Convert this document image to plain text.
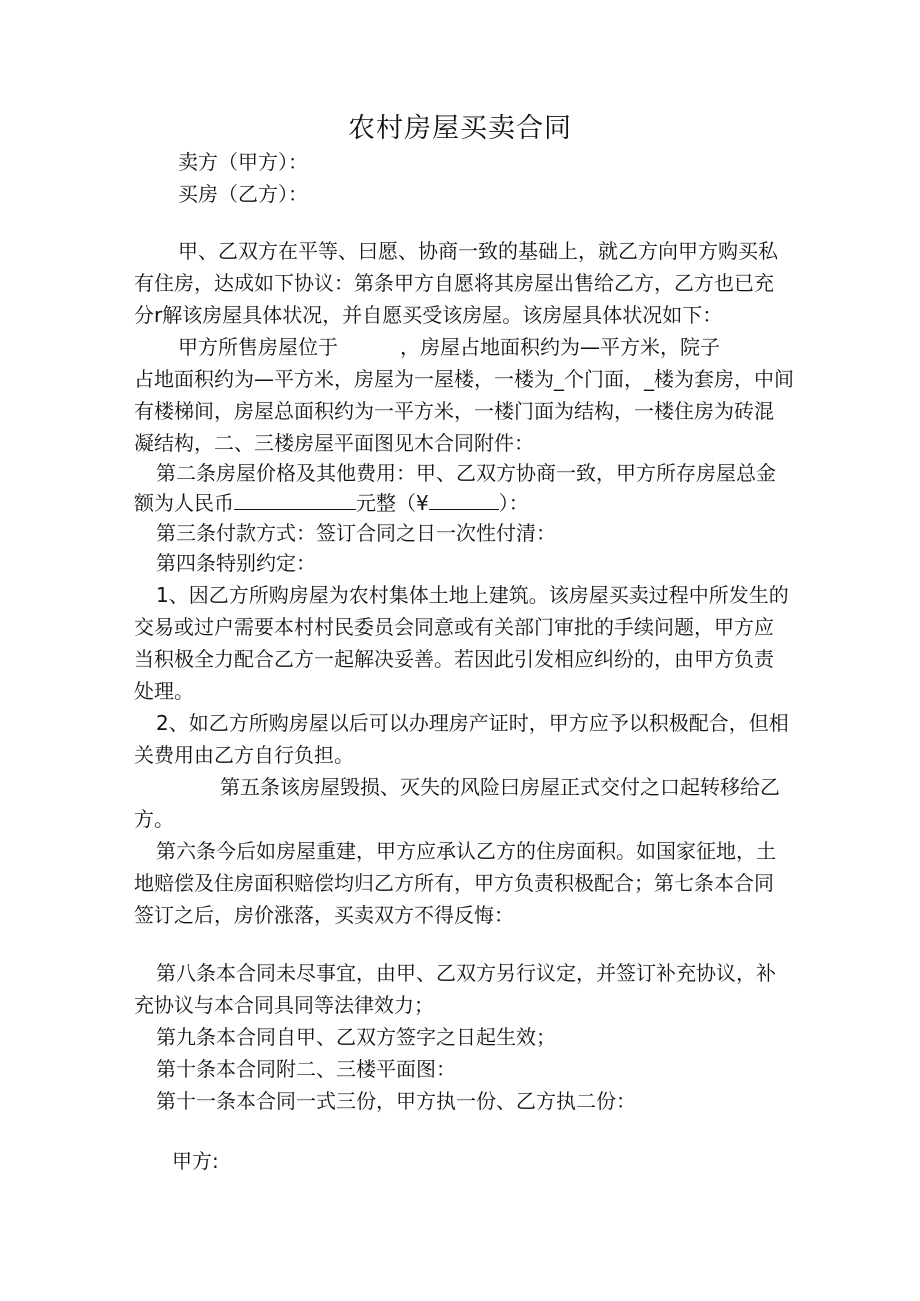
农村房屋买卖合同

卖方（甲方）：

买房（乙方）：

甲、乙双方在平等、曰愿、协商一致的基础上，就乙方向甲方购买私

有住房，达成如下协议：第条甲方自愿将其房屋出售给乙方，乙方也已充

分r解该房屋具体状况，并自愿买受该房屋。该房屋具体状况如下：

甲方所售房屋位于	，房屋占地面积约为—平方米，院子

占地面积约为—平方米，房屋为一屋楼，一楼为_个门面，_楼为套房，中间

有楼梯间，房屋总面积约为一平方米，一楼门面为结构，一楼住房为砖混

凝结构，二、三楼房屋平面图见木合同附件：

第二条房屋价格及其他费用：甲、乙双方协商一致，甲方所存房屋总金

额为人民币	元整（¥	）：

第三条付款方式：签订合同之日一次性付清：

第四条特别约定：

1、因乙方所购房屋为农村集体土地上建筑。该房屋买卖过程中所发生的

交易或过户需要本村村民委员会同意或有关部门审批的手续问题，甲方应

当积极全力配合乙方一起解决妥善。若因此引发相应纠纷的，由甲方负责

处理。

2、如乙方所购房屋以后可以办理房产证时，甲方应予以积极配合，但相

关费用由乙方自行负担。

第五条该房屋毁损、灭失的风险曰房屋正式交付之口起转移给乙

方。

第六条今后如房屋重建，甲方应承认乙方的住房面积。如国家征地，土

地赔偿及住房面积赔偿均归乙方所有，甲方负责积极配合；第七条本合同

签订之后，房价涨落，买卖双方不得反悔：

第八条本合同未尽事宜，由甲、乙双方另行议定，并签订补充协议，补

充协议与本合同具同等法律效力；

第九条本合同自甲、乙双方签字之日起生效；

第十条本合同附二、三楼平面图：

第十一条本合同一式三份，甲方执一份、乙方执二份：

甲方:
